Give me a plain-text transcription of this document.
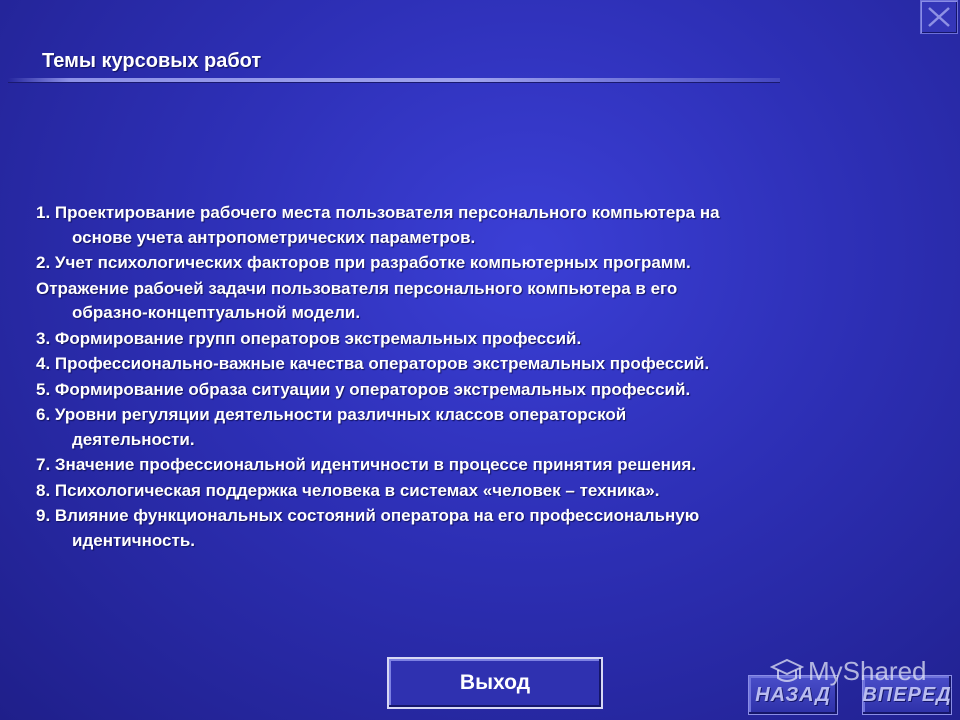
Темы курсовых работ
1. Проектирование рабочего места пользователя персонального компьютера на
основе учета антропометрических параметров.
2. Учет психологических факторов при разработке компьютерных программ.
Отражение рабочей задачи пользователя персонального компьютера в его
образно-концептуальной модели.
3. Формирование групп операторов экстремальных профессий.
4. Профессионально-важные качества операторов экстремальных профессий.
5. Формирование образа ситуации у операторов экстремальных профессий.
6. Уровни регуляции деятельности различных классов операторской
деятельности.
7. Значение профессиональной идентичности в процессе принятия решения.
8. Психологическая поддержка человека в системах «человек – техника».
9. Влияние функциональных состояний оператора на его профессиональную
идентичность.
Выход
НАЗАД	ВПЕРЕД
MyShared
